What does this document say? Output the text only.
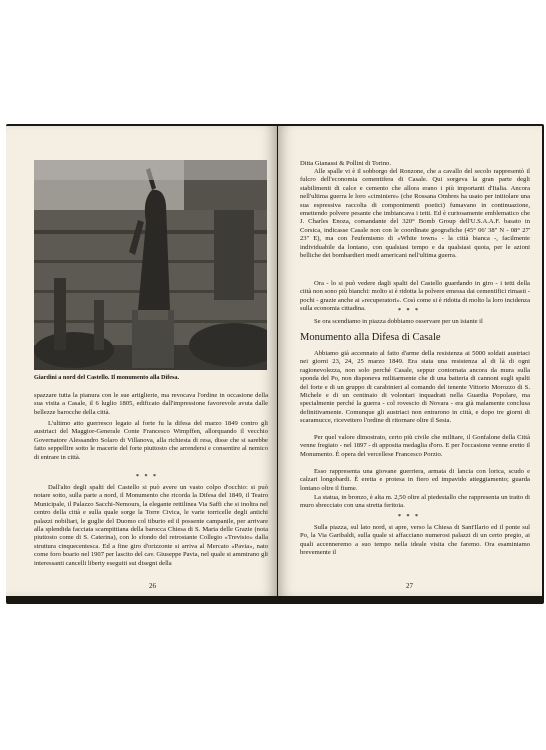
Giardini a nord del Castello. Il monumento alla Difesa.
spazzare tutta la pianura con le sue artiglierie, ma revocava l'ordine in occasione della sua visita a Casale, il 6 luglio 1805, edificato dall'impressione favorevole avuta dalle bellezze barocche della città.
L'ultimo atto guerresco legato al forte fu la difesa del marzo 1849 contro gli austriaci del Maggior-Generale Conte Francesco Wimpffen, allorquando il vecchio Governatore Alessandro Solaro di Villanova, alla richiesta di resa, disse che si sarebbe fatto seppellire sotto le macerie del forte piuttosto che arrendersi e consentire al nemico di entrare in città.
* * *
Dall'alto degli spalti del Castello si può avere un vasto colpo d'occhio: si può notare sotto, sulla parte a nord, il Monumento che ricorda la Difesa del 1849, il Teatro Municipale, il Palazzo Sacchi-Nemours, la elegante rettilinea Via Saffi che si inoltra nel centro della città e sulla quale sorge la Torre Civica, le varie torricelle degli antichi palazzi nobiliari, le guglie del Duomo col tiburio ed il possente campanile, per arrivare alla splendida facciata scampittiana della barocca Chiesa di S. Maria delle Grazie (nota piuttosto come di S. Caterina), con lo sfondo del retrostante Collegio «Trevisio» dalla struttura cinquecentesca. Ed a fine giro d'orizzonte si arriva al Mercato «Pavia», nato come foro boario nel 1907 per lascito del cav. Giuseppe Pavia, nel quale si ammirano gli interessanti cancelli liberty eseguiti sui disegni della
26
Ditta Gianassi & Pollini di Torino.
Alle spalle vi è il sobborgo del Ronzone, che a cavallo del secolo rappresentò il fulcro dell'economia cementifera di Casale. Qui sorgeva la gran parte degli stabilimenti di calce e cemento che allora erano i più importanti d'Italia. Ancora nell'ultima guerra le loro «ciminiere» (che Rossana Ombres ha usato per intitolare una sua espressiva raccolta di componimenti poetici) fumavano in continuazione, emettendo polvere pesante che imbiancava i tetti. Ed è curiosamente emblematico che J. Charles Enoza, comandante del 320° Bomb Group dell'U.S.A.A.F. basato in Corsica, indicasse Casale non con le coordinate geografiche (45° 06' 38'' N - 08° 27' 23'' E), ma con l'eufemismo di «White town» - la città bianca -, facilmente individuabile da lontano, con qualsiasi tempo e da qualsiasi quota, per le azioni belliche dei bombardieri medi americani nell'ultima guerra.
Ora - lo si può vedere dagli spalti del Castello guardando in giro - i tetti della città non sono più bianchi: molto si è ridotta la polvere emessa dai cementifici rimasti - pochi - grazie anche ai «recuperatori». Così come si è ridotta di molto la loro incidenza sulla economia cittadina.	* * *
Se ora scendiamo in piazza dobbiamo osservare per un istante il
Monumento alla Difesa di Casale
Abbiamo già accennato al fatto d'arme della resistenza ai 5000 soldati austriaci nei giorni 23, 24, 25 marzo 1849. Era stata una resistenza al di là di ogni ragionevolezza, non solo perché Casale, seppur contornata ancora da mura sulla sponda del Po, non disponeva militarmente che di una batteria di cannoni sugli spalti del forte e di un gruppo di carabinieri al comando del tenente Vittorio Morozzo di S. Michele e di un centinaio di volontari inquadrati nella Guardia Popolare, ma specialmente perché la guerra - col rovescio di Novara - era già malamente conclusa definitivamente. Comunque gli austriaci non entrarono in città, e dopo tre giorni di scaramucce, ricevettero l'ordine di ritornare oltre il Sesia.
Per quel valore dimostrato, certo più civile che militare, il Gonfalone della Città venne fregiato - nel 1897 - di apposita medaglia d'oro. E per l'occasione venne eretto il Monumento. È opera del vercellese Francesco Porzio.
Esso rappresenta una giovane guerriera, armata di lancia con lorica, scudo e calzari longobardi. È eretta e protesa in fiero ed impavido atteggiamento; guarda lontano oltre il fiume.
La statua, in bronzo, è alta m. 2,50 oltre al piedestallo che rappresenta un tratto di muro sbrecciato con una stretta feritoia.
* * *
Sulla piazza, sul lato nord, si apre, verso la Chiesa di Sant'Ilario ed il ponte sul Po, la Via Garibaldi, sulla quale si affacciano numerosi palazzi di un certo pregio, ai quali accenneremo a suo tempo nella ideale visita che faremo. Ora esaminiamo brevemente il
27
